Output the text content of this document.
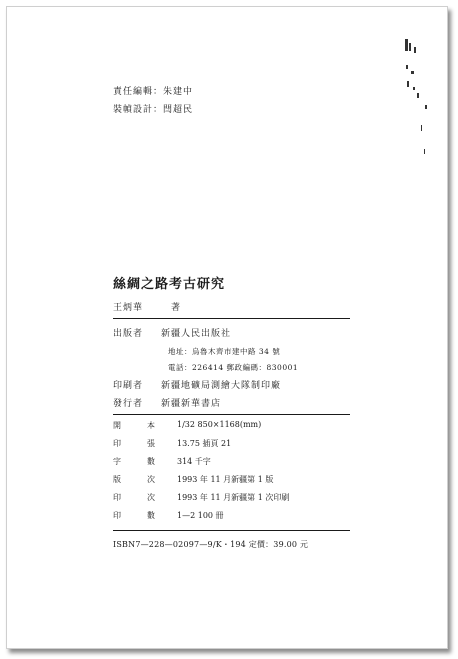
責任編輯：朱建中
裝幀設計：閆超民
絲綢之路考古研究
王炳華	著
出版者 新疆人民出版社
地址：烏魯木齊市建中路 34 號
電話：226414 郵政編碼：830001
印刷者 新疆地礦局測繪大隊制印廠
發行者 新疆新華書店
開	本	1/32 850×1168(mm)
印	張	13.75 插頁 21
字	數	314 千字
版	次	1993 年 11 月新疆第 1 版
印	次	1993 年 11 月新疆第 1 次印刷
印	數	1—2 100 冊
ISBN7—228—02097—9/K・194 定價：39.00 元
